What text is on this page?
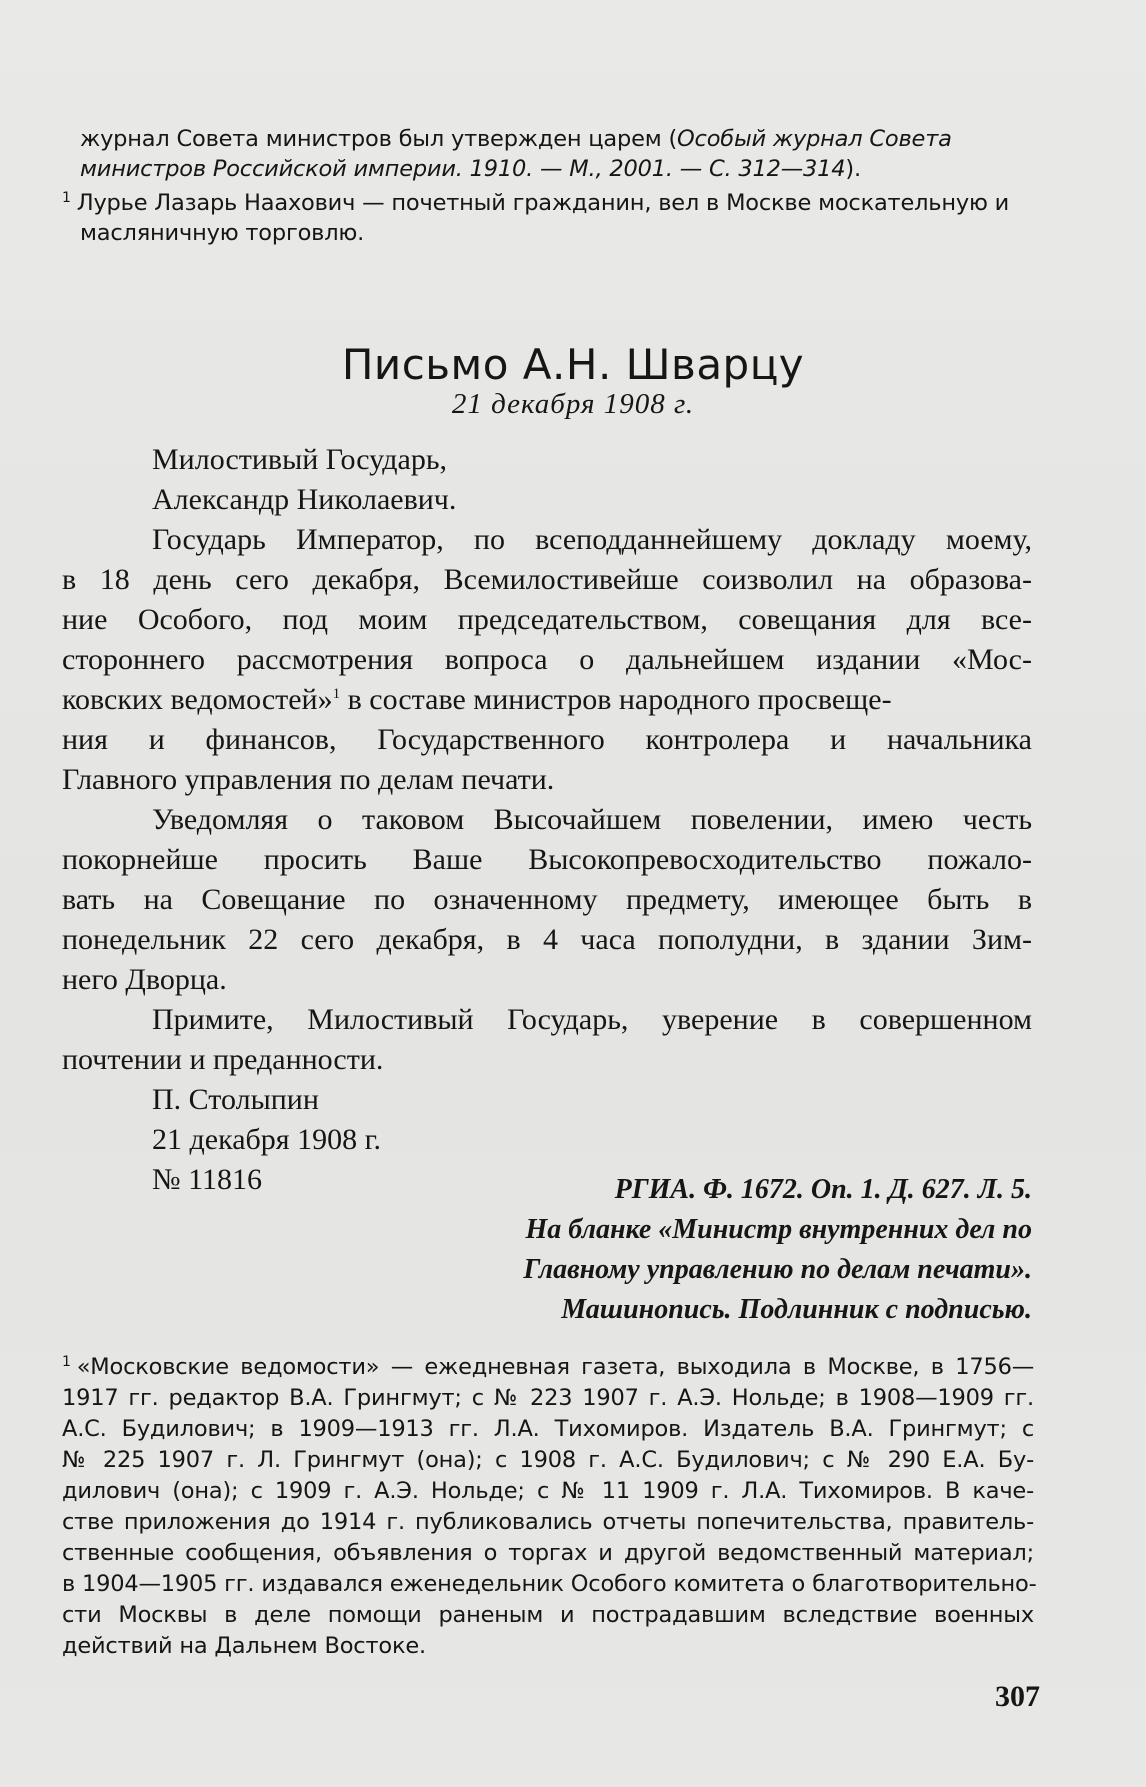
журнал Совета министров был утвержден царем (Особый журнал Совета
министров Российской империи. 1910. — М., 2001. — С. 312—314).
$^1$ Лурье Лазарь Наахович — почетный гражданин, вел в Москве москательную и
масляничную торговлю.
Письмо А.Н. Шварцу
21 декабря 1908 г.
Милостивый Государь,
Александр Николаевич.
Государь Император, по всеподданнейшему докладу моему,
в 18 день сего декабря, Всемилостивейше соизволил на образова-
ние Особого, под моим председательством, совещания для все-
стороннего рассмотрения вопроса о дальнейшем издании «Мос-
ковских ведомостей»$^1$ в составе министров народного просвеще-
ния и финансов, Государственного контролера и начальника
Главного управления по делам печати.
Уведомляя о таковом Высочайшем повелении, имею честь
покорнейше просить Ваше Высокопревосходительство пожало-
вать на Совещание по означенному предмету, имеющее быть в
понедельник 22 сего декабря, в 4 часа пополудни, в здании Зим-
него Дворца.
Примите, Милостивый Государь, уверение в совершенном
почтении и преданности.
П. Столыпин
21 декабря 1908 г.
№ 11816	РГИА. Ф. 1672. Оп. 1. Д. 627. Л. 5.
На бланке «Министр внутренних дел по
Главному управлению по делам печати».
Машинопись. Подлинник с подписью.
$^1$ «Московские ведомости» — ежедневная газета, выходила в Москве, в 1756—
1917 гг. редактор В.А. Грингмут; с № 223 1907 г. А.Э. Нольде; в 1908—1909 гг.
А.С. Будилович; в 1909—1913 гг. Л.А. Тихомиров. Издатель В.А. Грингмут; с
№ 225 1907 г. Л. Грингмут (она); с 1908 г. А.С. Будилович; с № 290 Е.А. Бу-
дилович (она); с 1909 г. А.Э. Нольде; с № 11 1909 г. Л.А. Тихомиров. В каче-
стве приложения до 1914 г. публиковались отчеты попечительства, правитель-
ственные сообщения, объявления о торгах и другой ведомственный материал;
в 1904—1905 гг. издавался еженедельник Особого комитета о благотворительно-
сти Москвы в деле помощи раненым и пострадавшим вследствие военных
действий на Дальнем Востоке.
307
